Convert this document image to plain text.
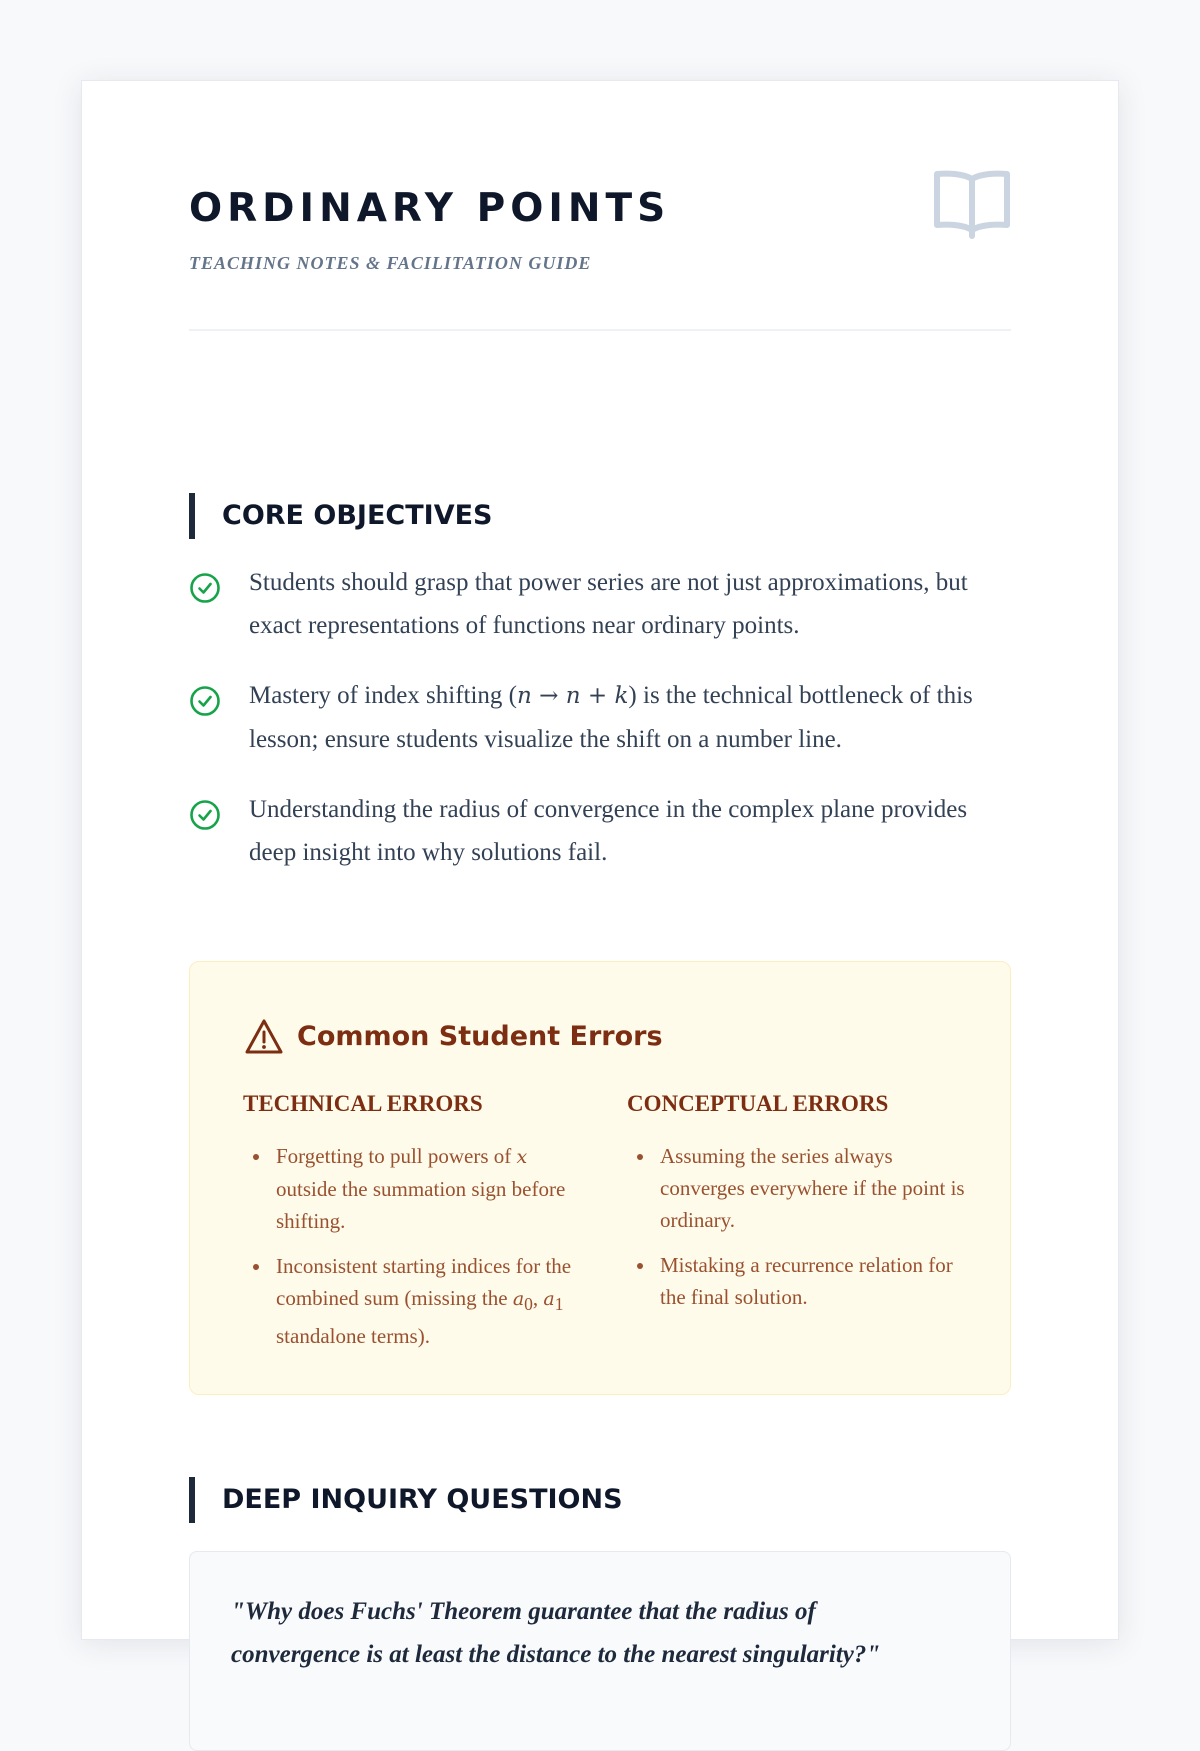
ORDINARY POINTS

TEACHING NOTES & FACILITATION GUIDE

CORE OBJECTIVES
Students should grasp that power series are not just approximations, but exact representations of functions near ordinary points.
Mastery of index shifting (n → n + k) is the technical bottleneck of this lesson; ensure students visualize the shift on a number line.
Understanding the radius of convergence in the complex plane provides deep insight into why solutions fail.
Common Student Errors
TECHNICAL ERRORS
Forgetting to pull powers of x outside the summation sign before shifting.
Inconsistent starting indices for the combined sum (missing the $a_0$, $a_1$ standalone terms).
CONCEPTUAL ERRORS
Assuming the series always converges everywhere if the point is ordinary.
Mistaking a recurrence relation for the final solution.
DEEP INQUIRY QUESTIONS

"Why does Fuchs' Theorem guarantee that the radius of convergence is at least the distance to the nearest singularity?"
